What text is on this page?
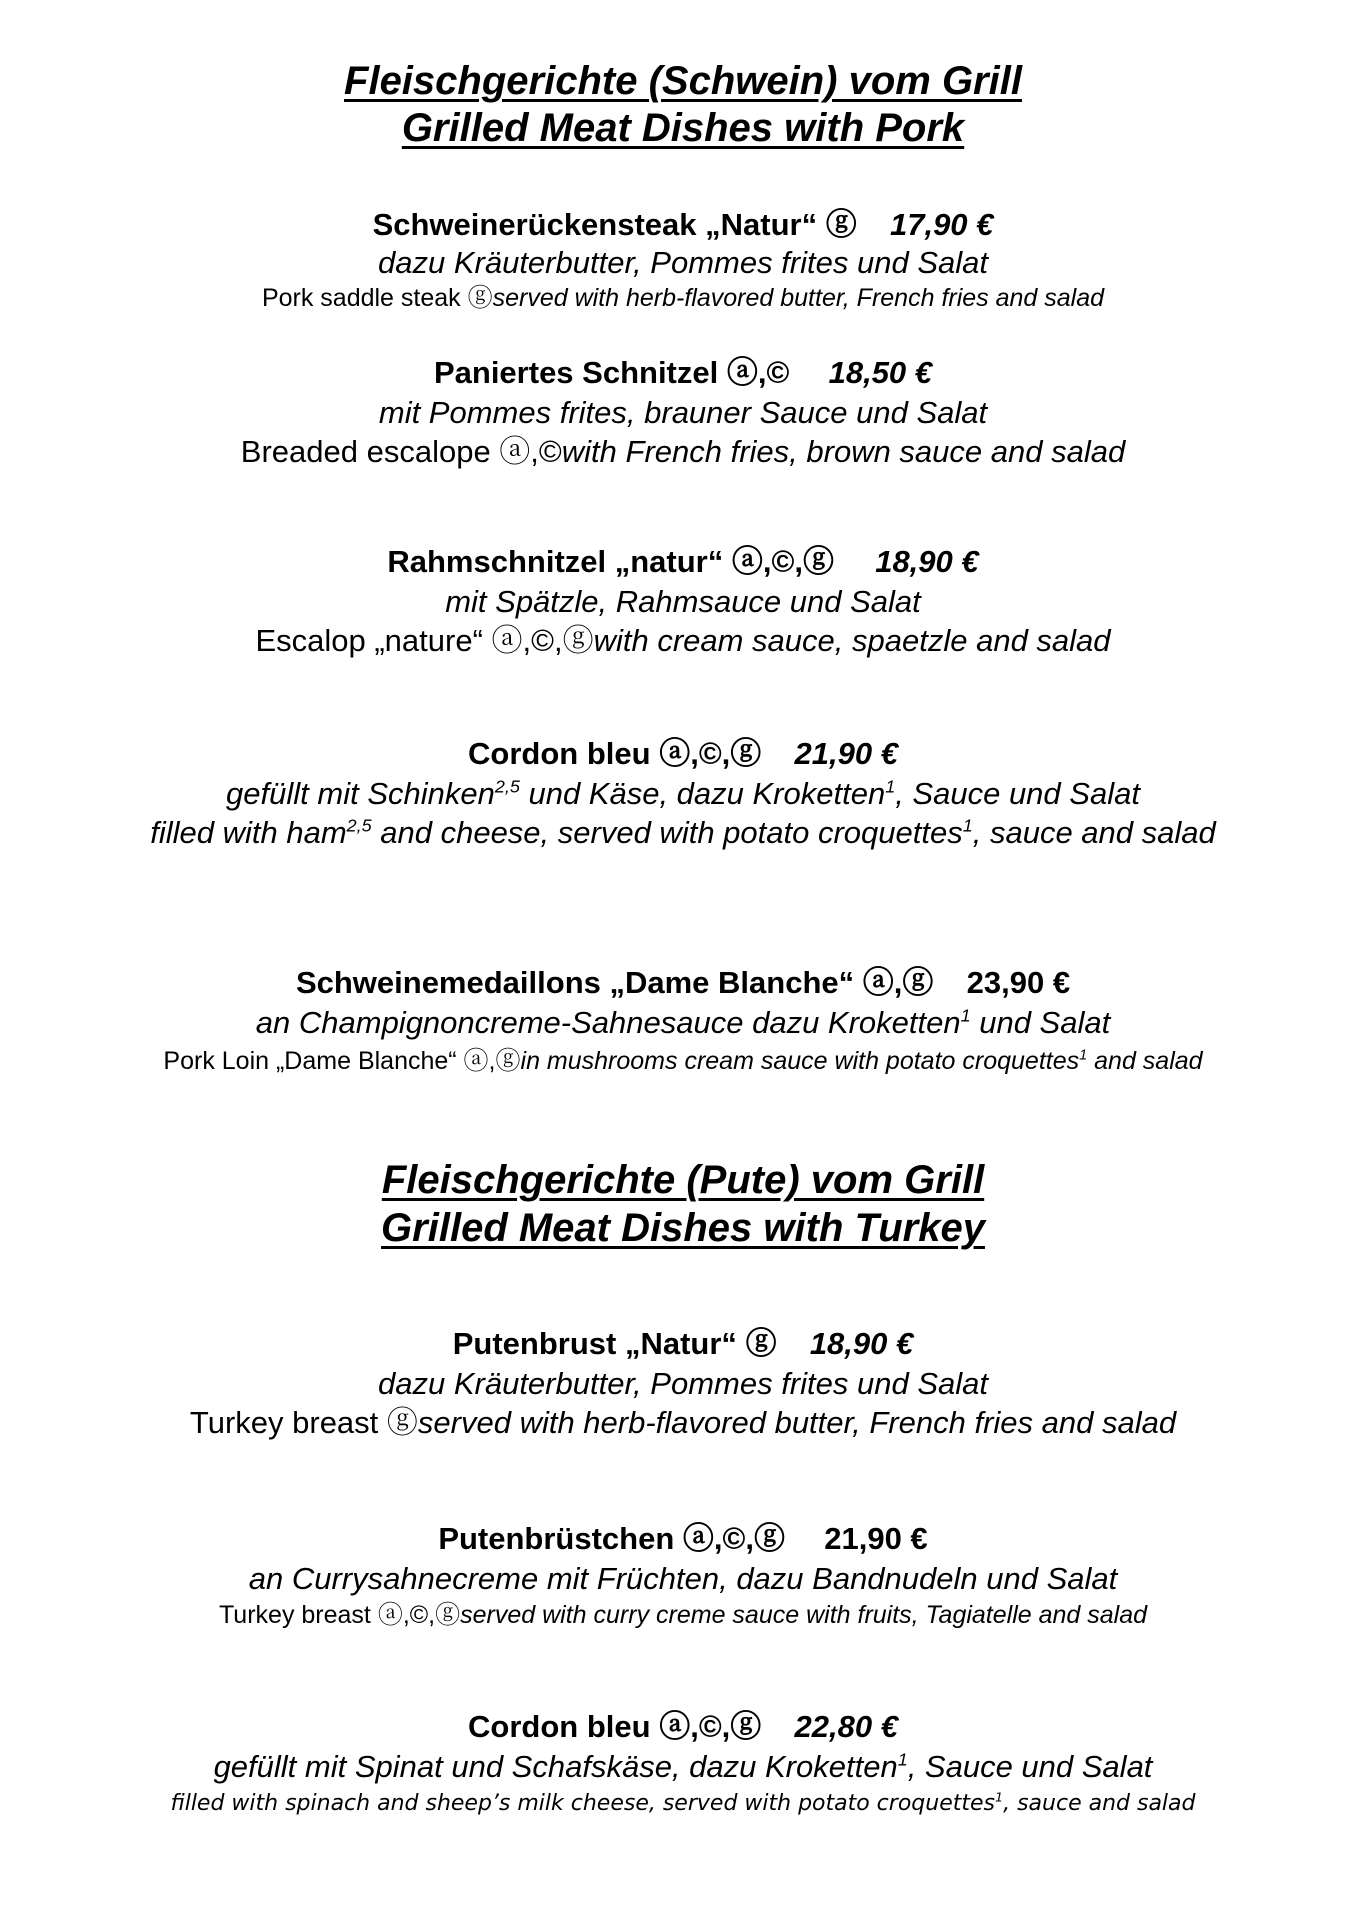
Fleischgerichte (Schwein) vom Grill
Grilled Meat Dishes with Pork
Schweinerückensteak „Natur“ ⓖ 17,90 €
dazu Kräuterbutter, Pommes frites und Salat
Pork saddle steak ⓖserved with herb-flavored butter, French fries and salad
Paniertes Schnitzel ⓐ,© 18,50 €
mit Pommes frites, brauner Sauce und Salat
Breaded escalope ⓐ,©with French fries, brown sauce and salad
Rahmschnitzel „natur“ ⓐ,©,ⓖ 18,90 €
mit Spätzle, Rahmsauce und Salat
Escalop „nature“ ⓐ,©,ⓖwith cream sauce, spaetzle and salad
Cordon bleu ⓐ,©,ⓖ 21,90 €
gefüllt mit Schinken$^{2,5}$ und Käse, dazu Kroketten$^1$, Sauce und Salat
filled with ham$^{2,5}$ and cheese, served with potato croquettes$^1$, sauce and salad
Schweinemedaillons „Dame Blanche“ ⓐ,ⓖ 23,90 €
an Champignoncreme-Sahnesauce dazu Kroketten$^1$ und Salat
Pork Loin „Dame Blanche“ ⓐ,ⓖin mushrooms cream sauce with potato croquettes$^1$ and salad
Fleischgerichte (Pute) vom Grill
Grilled Meat Dishes with Turkey
Putenbrust „Natur“ ⓖ 18,90 €
dazu Kräuterbutter, Pommes frites und Salat
Turkey breast ⓖserved with herb-flavored butter, French fries and salad
Putenbrüstchen ⓐ,©,ⓖ 21,90 €
an Currysahnecreme mit Früchten, dazu Bandnudeln und Salat
Turkey breast ⓐ,©,ⓖserved with curry creme sauce with fruits, Tagiatelle and salad
Cordon bleu ⓐ,©,ⓖ 22,80 €
gefüllt mit Spinat und Schafskäse, dazu Kroketten$^1$, Sauce und Salat
filled with spinach and sheep’s milk cheese, served with potato croquettes$^1$, sauce and salad
